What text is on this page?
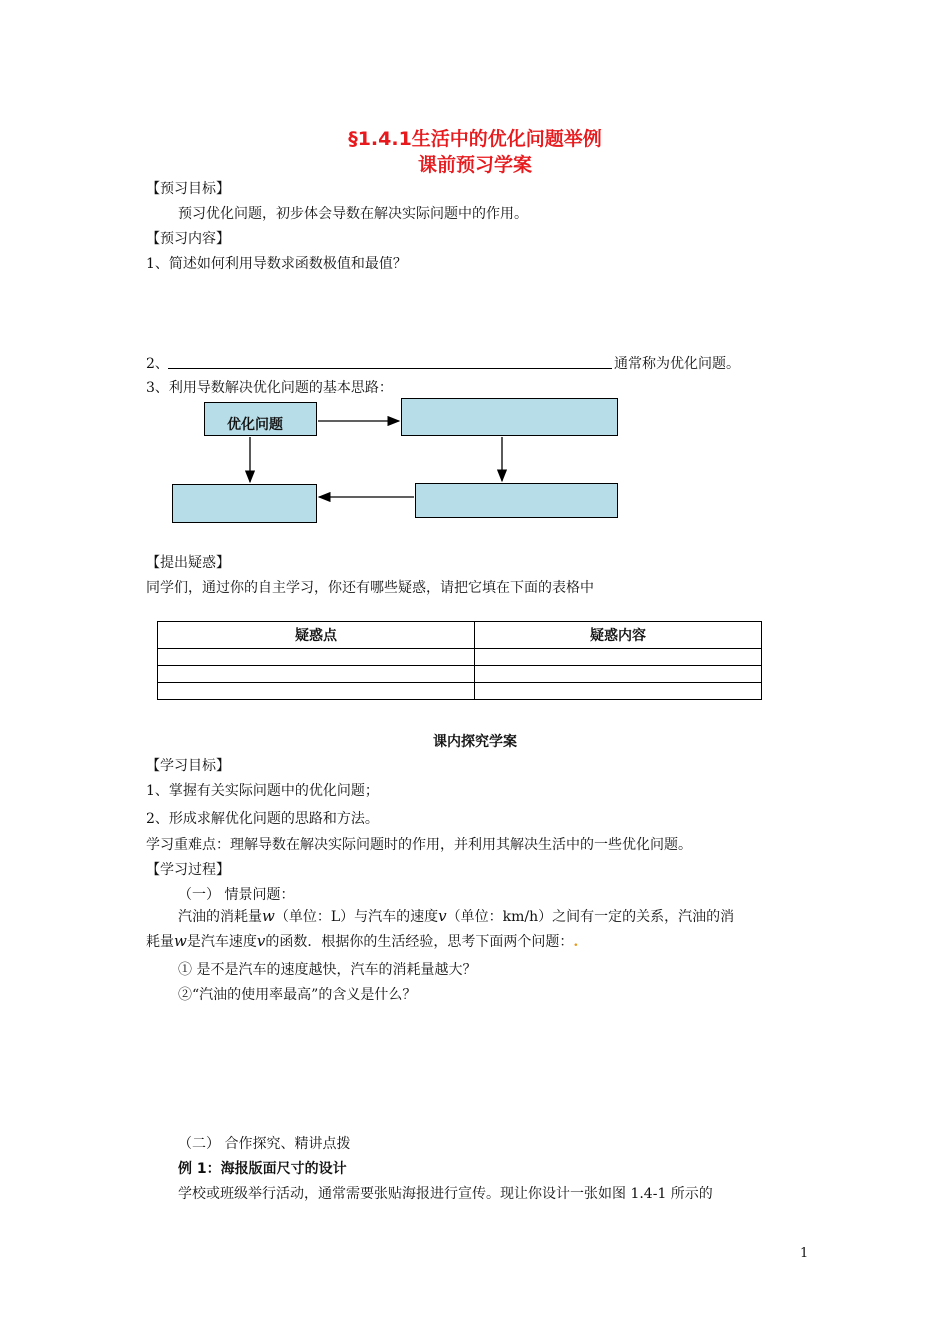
§1.4.1生活中的优化问题举例
课前预习学案
【预习目标】
预习优化问题，初步体会导数在解决实际问题中的作用。
【预习内容】
1、简述如何利用导数求函数极值和最值？
2、	通常称为优化问题。
3、利用导数解决优化问题的基本思路：
优化问题
【提出疑惑】
同学们，通过你的自主学习，你还有哪些疑惑，请把它填在下面的表格中
疑惑点	疑惑内容

课内探究学案
【学习目标】
1、掌握有关实际问题中的优化问题；
2、形成求解优化问题的思路和方法。
学习重难点：理解导数在解决实际问题时的作用，并利用其解决生活中的一些优化问题。
【学习过程】
（一） 情景问题：
汽油的消耗量w（单位：L）与汽车的速度v（单位：km/h）之间有一定的关系，汽油的消
耗量w是汽车速度v的函数．根据你的生活经验，思考下面两个问题：.
① 是不是汽车的速度越快，汽车的消耗量越大？
②“汽油的使用率最高”的含义是什么？
（二） 合作探究、精讲点拨
例 1：海报版面尺寸的设计
学校或班级举行活动，通常需要张贴海报进行宣传。现让你设计一张如图 1.4-1 所示的
1
